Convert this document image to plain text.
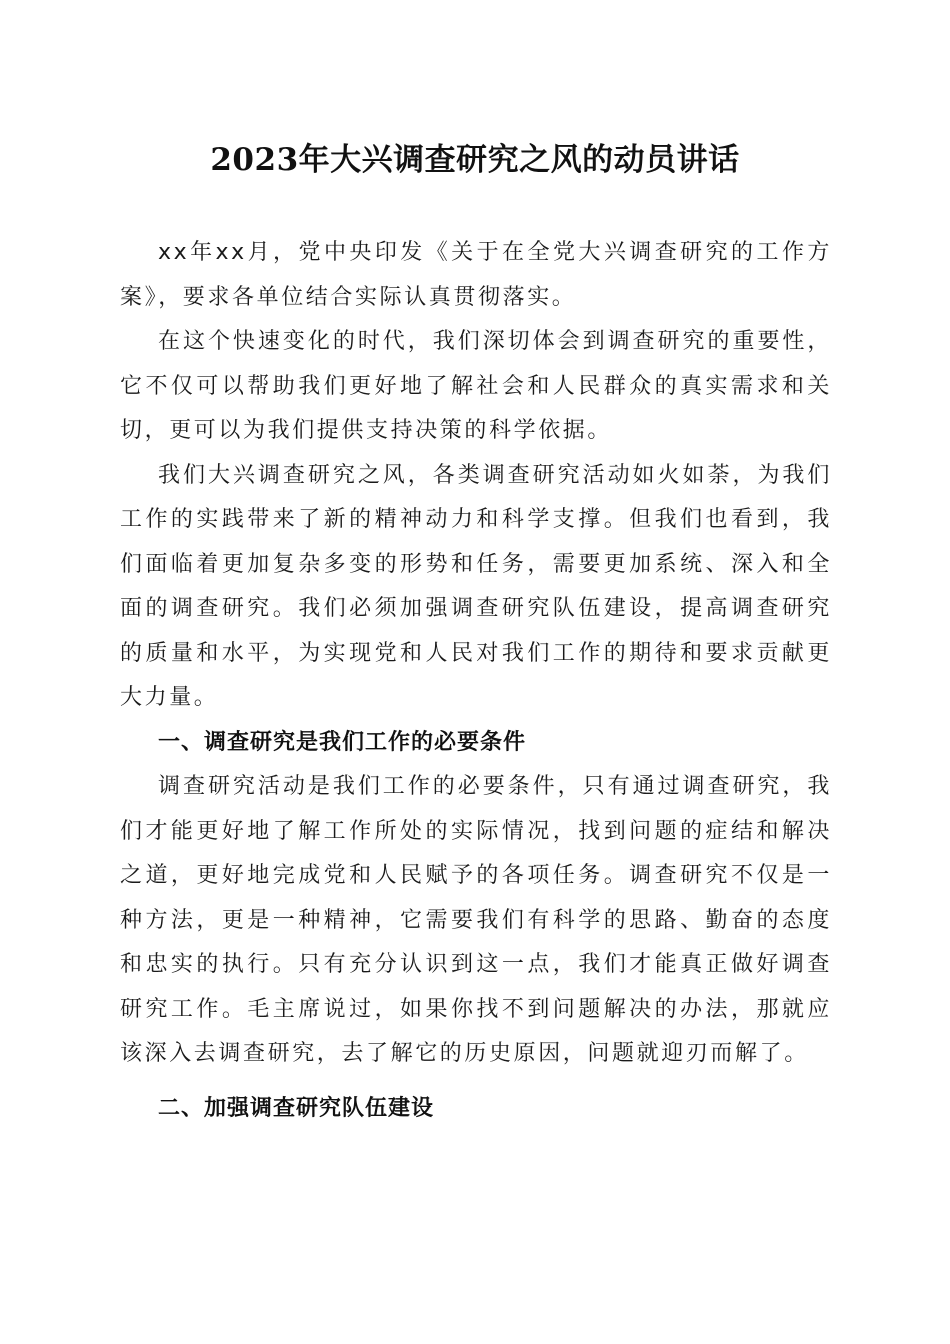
2023年大兴调查研究之风的动员讲话

xx年xx月，党中央印发《关于在全党大兴调查研究的工作方案》，要求各单位结合实际认真贯彻落实。

在这个快速变化的时代，我们深切体会到调查研究的重要性，它不仅可以帮助我们更好地了解社会和人民群众的真实需求和关切，更可以为我们提供支持决策的科学依据。

我们大兴调查研究之风，各类调查研究活动如火如荼，为我们工作的实践带来了新的精神动力和科学支撑。但我们也看到，我们面临着更加复杂多变的形势和任务，需要更加系统、深入和全面的调查研究。我们必须加强调查研究队伍建设，提高调查研究的质量和水平，为实现党和人民对我们工作的期待和要求贡献更大力量。

一、调查研究是我们工作的必要条件

调查研究活动是我们工作的必要条件，只有通过调查研究，我们才能更好地了解工作所处的实际情况，找到问题的症结和解决之道，更好地完成党和人民赋予的各项任务。调查研究不仅是一种方法，更是一种精神，它需要我们有科学的思路、勤奋的态度和忠实的执行。只有充分认识到这一点，我们才能真正做好调查研究工作。毛主席说过，如果你找不到问题解决的办法，那就应该深入去调查研究，去了解它的历史原因，问题就迎刃而解了。

二、加强调查研究队伍建设
